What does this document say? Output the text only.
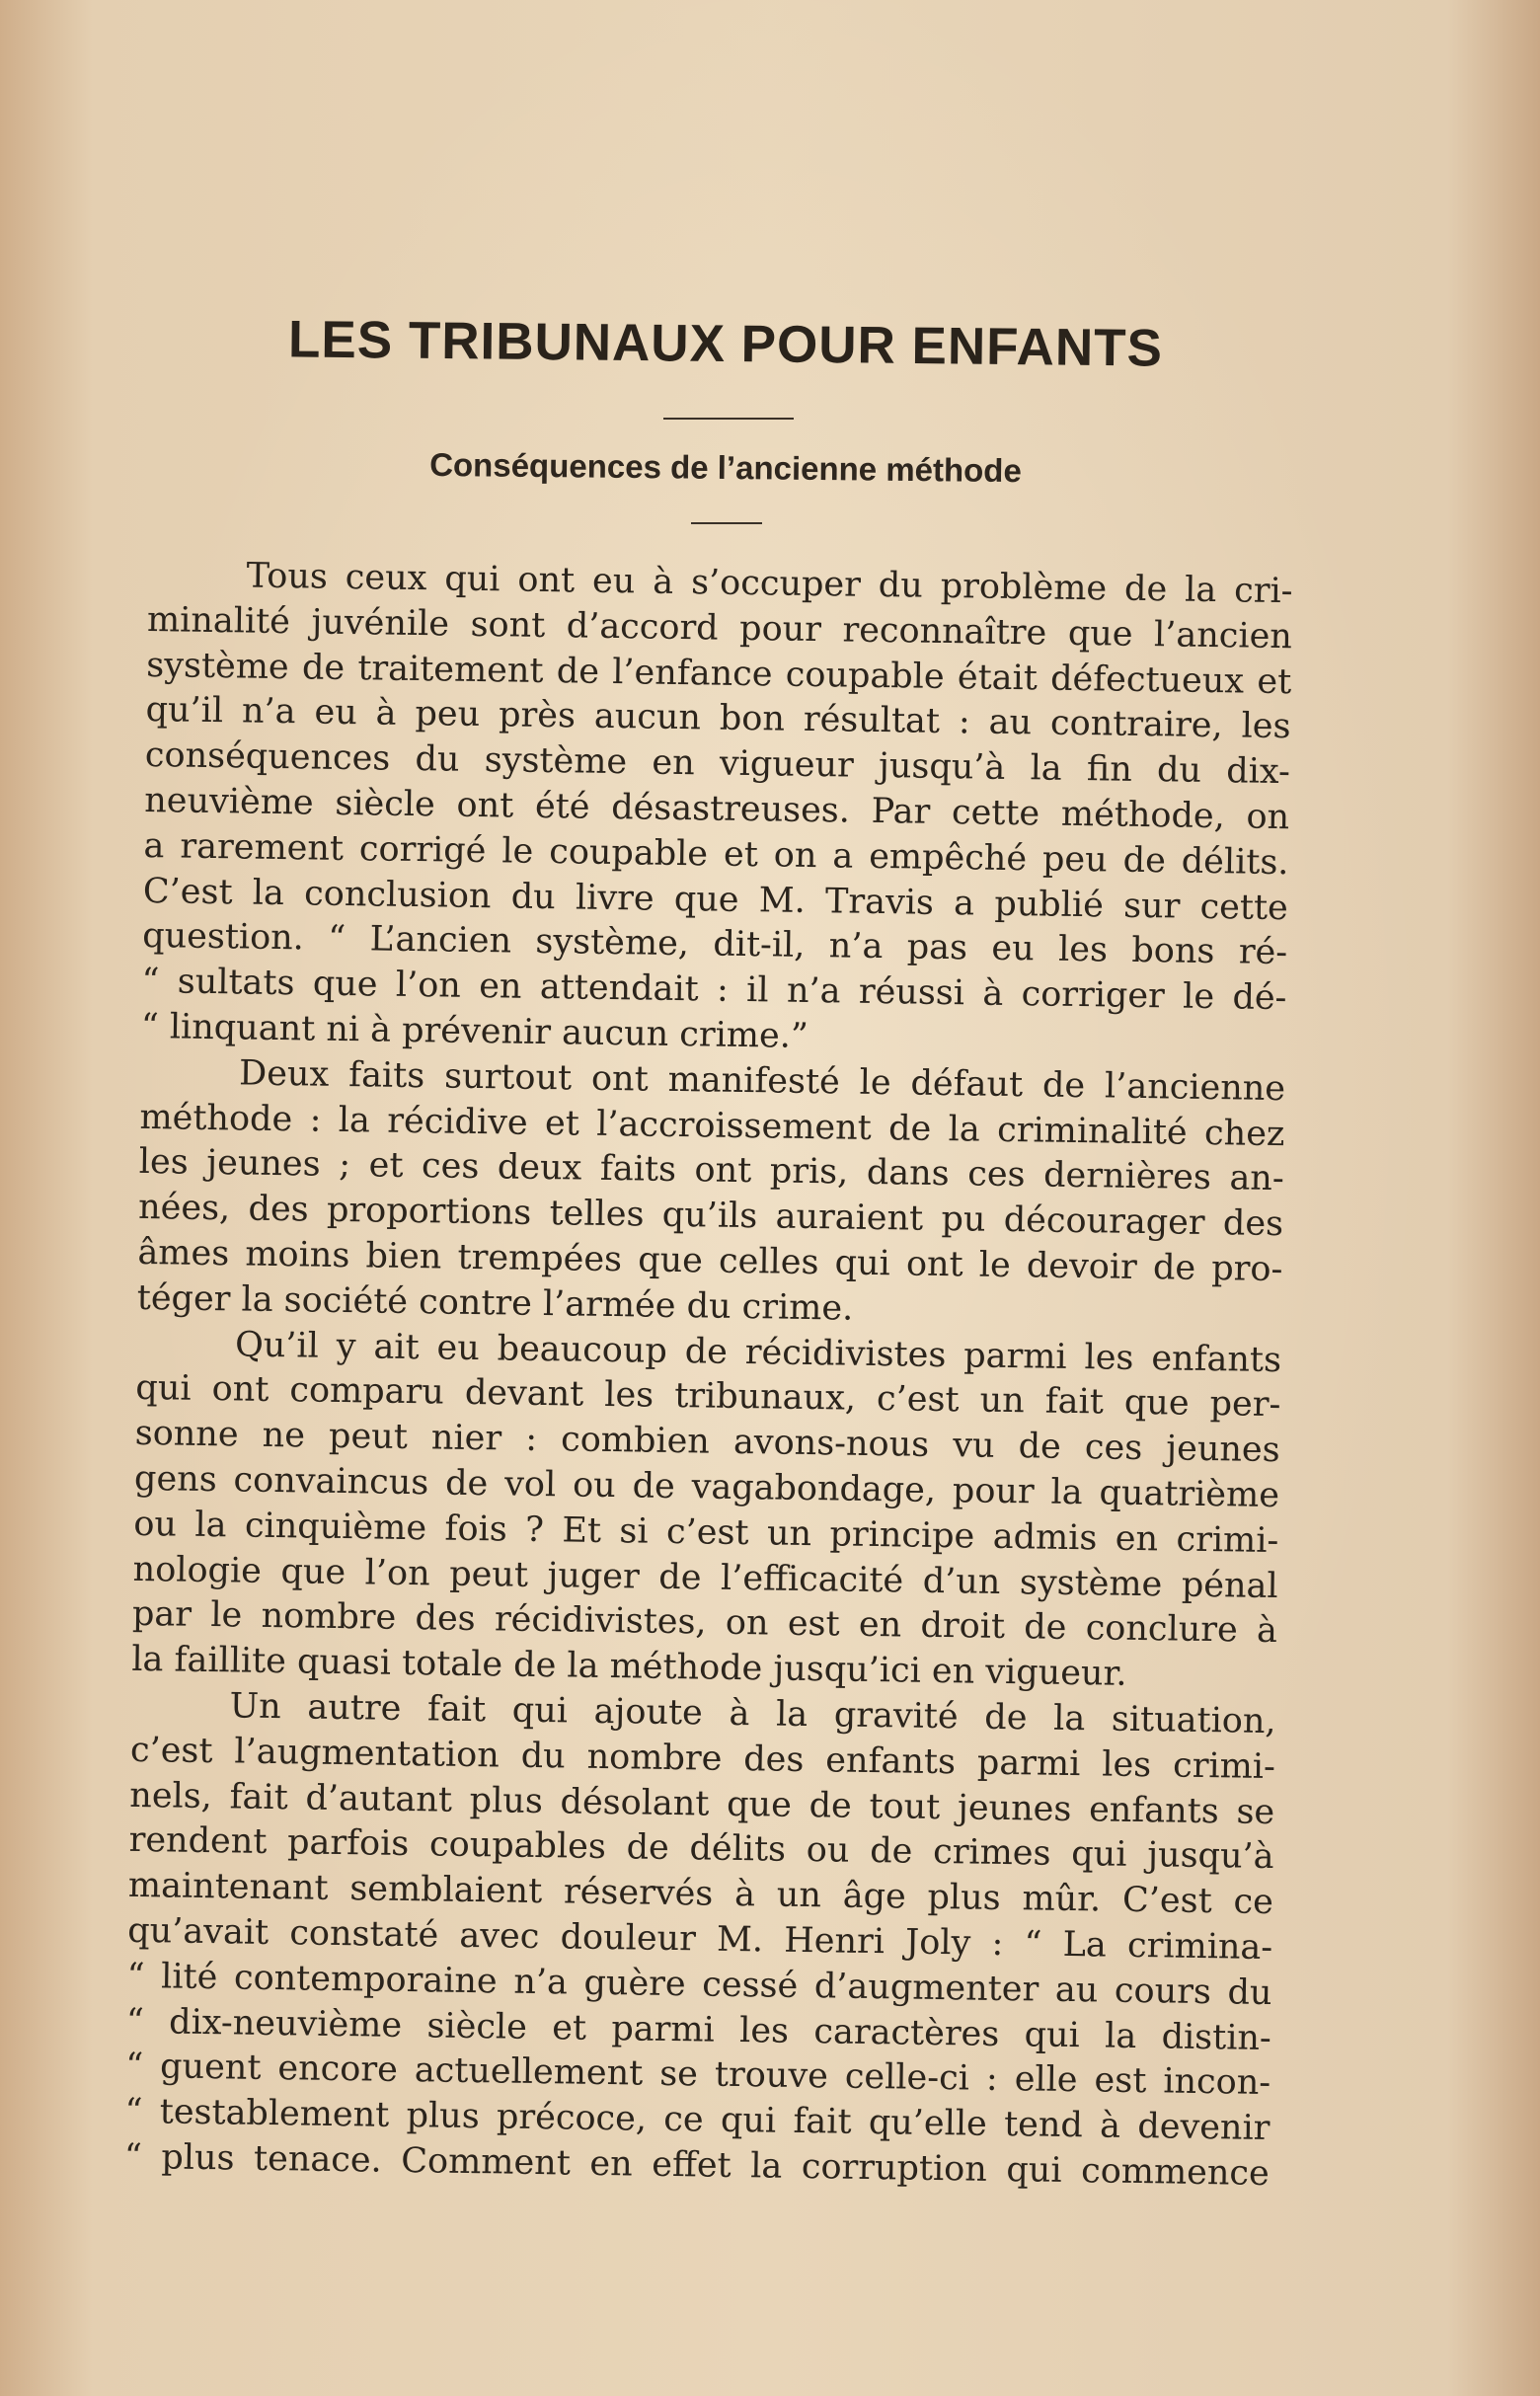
LES TRIBUNAUX POUR ENFANTS
Conséquences de l’ancienne méthode
Tous ceux qui ont eu à s’occuper du problème de la cri-
minalité juvénile sont d’accord pour reconnaître que l’ancien
système de traitement de l’enfance coupable était défectueux et
qu’il n’a eu à peu près aucun bon résultat : au contraire, les
conséquences du système en vigueur jusqu’à la fin du dix-
neuvième siècle ont été désastreuses. Par cette méthode, on
a rarement corrigé le coupable et on a empêché peu de délits.
C’est la conclusion du livre que M. Travis a publié sur cette
question. “ L’ancien système, dit-il, n’a pas eu les bons ré-
“ sultats que l’on en attendait : il n’a réussi à corriger le dé-
“ linquant ni à prévenir aucun crime.”
Deux faits surtout ont manifesté le défaut de l’ancienne
méthode : la récidive et l’accroissement de la criminalité chez
les jeunes ; et ces deux faits ont pris, dans ces dernières an-
nées, des proportions telles qu’ils auraient pu décourager des
âmes moins bien trempées que celles qui ont le devoir de pro-
téger la société contre l’armée du crime.
Qu’il y ait eu beaucoup de récidivistes parmi les enfants
qui ont comparu devant les tribunaux, c’est un fait que per-
sonne ne peut nier : combien avons-nous vu de ces jeunes
gens convaincus de vol ou de vagabondage, pour la quatrième
ou la cinquième fois ? Et si c’est un principe admis en crimi-
nologie que l’on peut juger de l’efficacité d’un système pénal
par le nombre des récidivistes, on est en droit de conclure à
la faillite quasi totale de la méthode jusqu’ici en vigueur.
Un autre fait qui ajoute à la gravité de la situation,
c’est l’augmentation du nombre des enfants parmi les crimi-
nels, fait d’autant plus désolant que de tout jeunes enfants se
rendent parfois coupables de délits ou de crimes qui jusqu’à
maintenant semblaient réservés à un âge plus mûr. C’est ce
qu’avait constaté avec douleur M. Henri Joly : “ La crimina-
“ lité contemporaine n’a guère cessé d’augmenter au cours du
“ dix-neuvième siècle et parmi les caractères qui la distin-
“ guent encore actuellement se trouve celle-ci : elle est incon-
“ testablement plus précoce, ce qui fait qu’elle tend à devenir
“ plus tenace. Comment en effet la corruption qui commence
